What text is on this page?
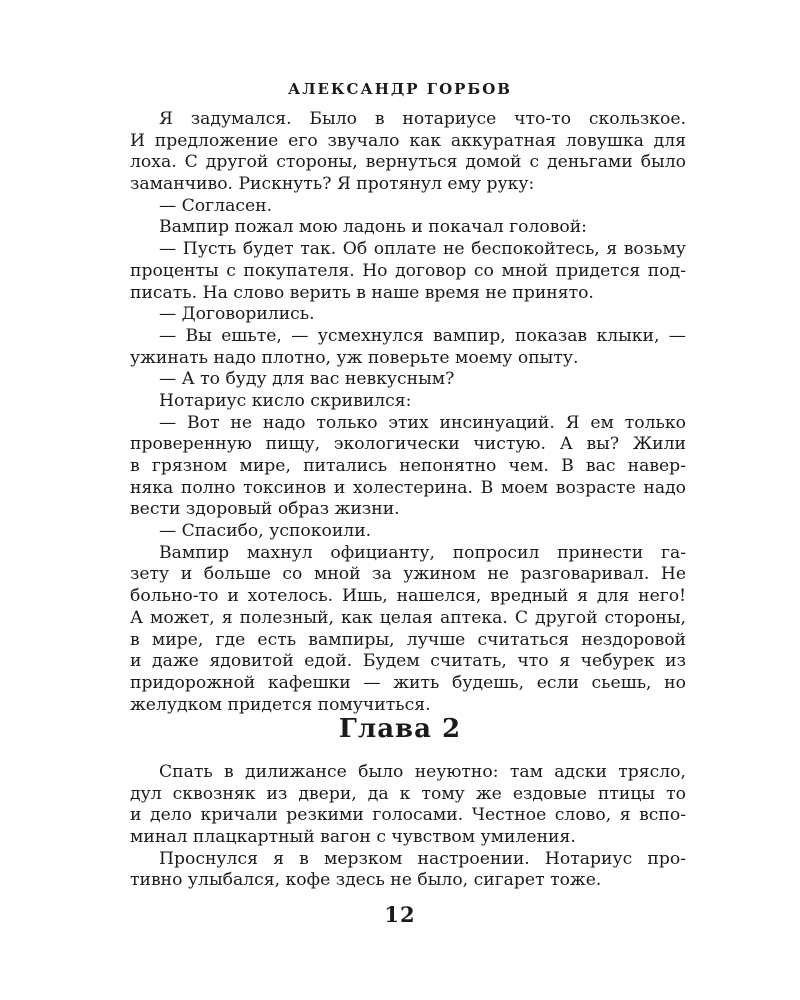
АЛЕКСАНДР ГОРБОВ
Я задумался. Было в нотариусе что-то скользкое.
И предложение его звучало как аккуратная ловушка для
лоха. С другой стороны, вернуться домой с деньгами было
заманчиво. Рискнуть? Я протянул ему руку:
— Согласен.
Вампир пожал мою ладонь и покачал головой:
— Пусть будет так. Об оплате не беспокойтесь, я возьму
проценты с покупателя. Но договор со мной придется под-
писать. На слово верить в наше время не принято.
— Договорились.
— Вы ешьте, — усмехнулся вампир, показав клыки, —
ужинать надо плотно, уж поверьте моему опыту.
— А то буду для вас невкусным?
Нотариус кисло скривился:
— Вот не надо только этих инсинуаций. Я ем только
проверенную пищу, экологически чистую. А вы? Жили
в грязном мире, питались непонятно чем. В вас навер-
няка полно токсинов и холестерина. В моем возрасте надо
вести здоровый образ жизни.
— Спасибо, успокоили.
Вампир махнул официанту, попросил принести га-
зету и больше со мной за ужином не разговаривал. Не
больно-то и хотелось. Ишь, нашелся, вредный я для него!
А может, я полезный, как целая аптека. С другой стороны,
в мире, где есть вампиры, лучше считаться нездоровой
и даже ядовитой едой. Будем считать, что я чебурек из
придорожной кафешки — жить будешь, если сьешь, но
желудком придется помучиться.
Глава 2
Спать в дилижансе было неуютно: там адски трясло,
дул сквозняк из двери, да к тому же ездовые птицы то
и дело кричали резкими голосами. Честное слово, я вспо-
минал плацкартный вагон с чувством умиления.
Проснулся я в мерзком настроении. Нотариус про-
тивно улыбался, кофе здесь не было, сигарет тоже.
12
